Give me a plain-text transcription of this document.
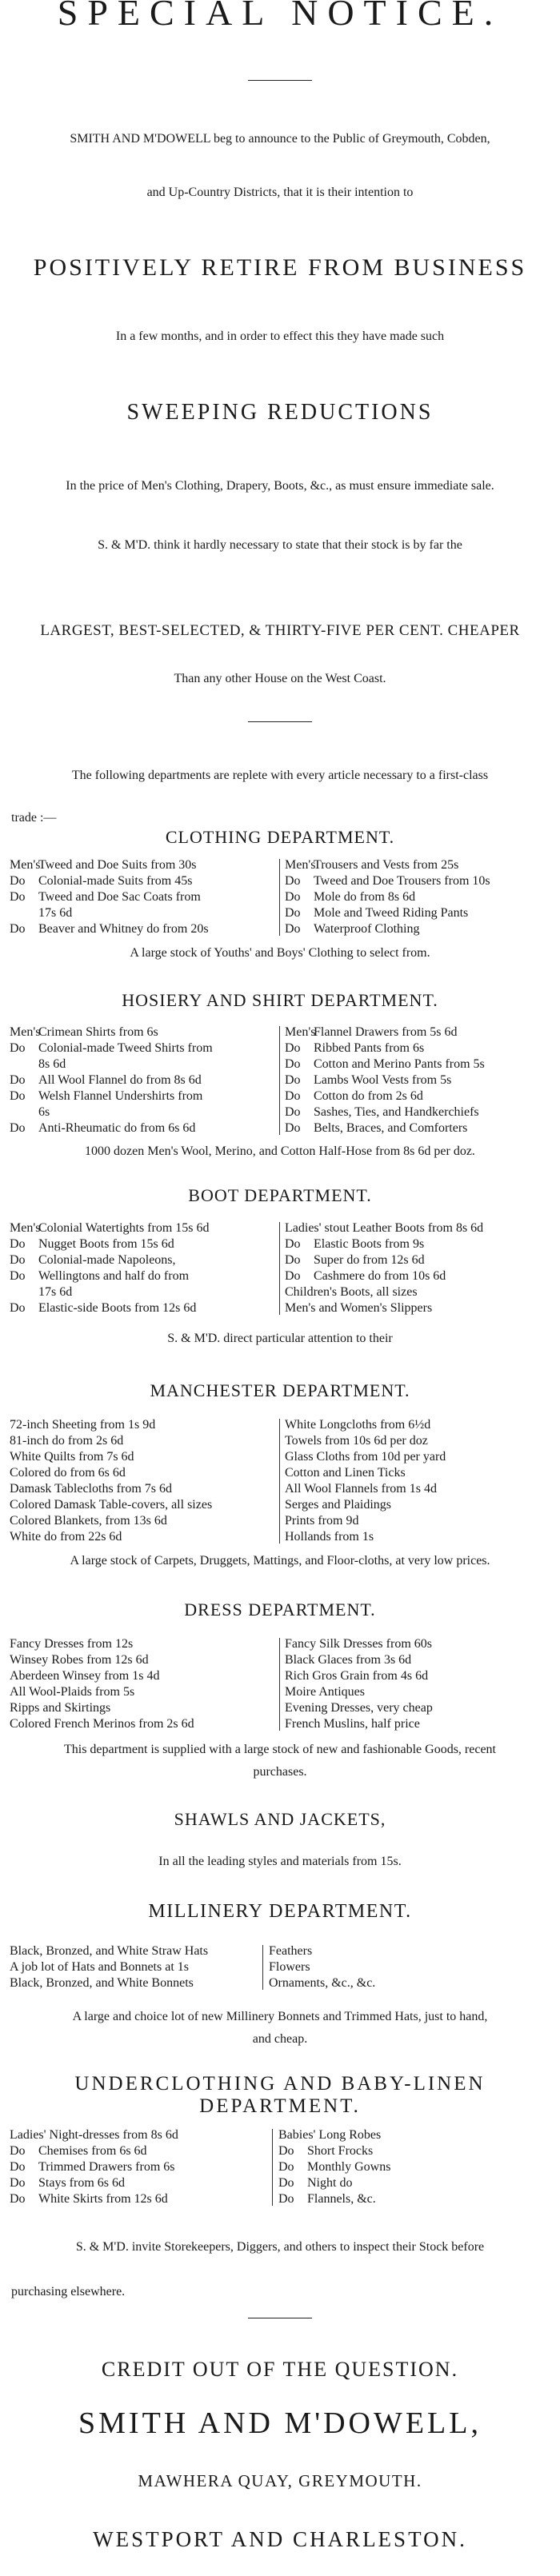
SPECIAL NOTICE.
SMITH AND M'DOWELL beg to announce to the Public of Greymouth, Cobden,
and Up-Country Districts, that it is their intention to
POSITIVELY RETIRE FROM BUSINESS
In a few months, and in order to effect this they have made such
SWEEPING REDUCTIONS
In the price of Men's Clothing, Drapery, Boots, &c., as must ensure immediate sale.
S. & M'D. think it hardly necessary to state that their stock is by far the
LARGEST, BEST-SELECTED, & THIRTY-FIVE PER CENT. CHEAPER
Than any other House on the West Coast.
The following departments are replete with every article necessary to a first-class
trade :—
CLOTHING DEPARTMENT.
Men'sTweed and Doe Suits from 30s
Do Colonial-made Suits from 45s
Do Tweed and Doe Sac Coats from
17s 6d
Do Beaver and Whitney do from 20s
Men'sTrousers and Vests from 25s
Do Tweed and Doe Trousers from 10s
Do Mole do from 8s 6d
Do Mole and Tweed Riding Pants
Do Waterproof Clothing
A large stock of Youths' and Boys' Clothing to select from.
HOSIERY AND SHIRT DEPARTMENT.
Men'sCrimean Shirts from 6s
Do Colonial-made Tweed Shirts from
8s 6d
Do All Wool Flannel do from 8s 6d
Do Welsh Flannel Undershirts from
6s
Do Anti-Rheumatic do from 6s 6d
Men'sFlannel Drawers from 5s 6d
Do Ribbed Pants from 6s
Do Cotton and Merino Pants from 5s
Do Lambs Wool Vests from 5s
Do Cotton do from 2s 6d
Do Sashes, Ties, and Handkerchiefs
Do Belts, Braces, and Comforters
1000 dozen Men's Wool, Merino, and Cotton Half-Hose from 8s 6d per doz.
BOOT DEPARTMENT.
Men'sColonial Watertights from 15s 6d
Do Nugget Boots from 15s 6d
Do Colonial-made Napoleons,
Do Wellingtons and half do from
17s 6d
Do Elastic-side Boots from 12s 6d
Ladies' stout Leather Boots from 8s 6d
Do Elastic Boots from 9s
Do Super do from 12s 6d
Do Cashmere do from 10s 6d
Children's Boots, all sizes
Men's and Women's Slippers
S. & M'D. direct particular attention to their
MANCHESTER DEPARTMENT.
72-inch Sheeting from 1s 9d
81-inch do from 2s 6d
White Quilts from 7s 6d
Colored do from 6s 6d
Damask Tablecloths from 7s 6d
Colored Damask Table-covers, all sizes
Colored Blankets, from 13s 6d
White do from 22s 6d
White Longcloths from 6½d
Towels from 10s 6d per doz
Glass Cloths from 10d per yard
Cotton and Linen Ticks
All Wool Flannels from 1s 4d
Serges and Plaidings
Prints from 9d
Hollands from 1s
A large stock of Carpets, Druggets, Mattings, and Floor-cloths, at very low prices.
DRESS DEPARTMENT.
Fancy Dresses from 12s
Winsey Robes from 12s 6d
Aberdeen Winsey from 1s 4d
All Wool-Plaids from 5s
Ripps and Skirtings
Colored French Merinos from 2s 6d
Fancy Silk Dresses from 60s
Black Glaces from 3s 6d
Rich Gros Grain from 4s 6d
Moire Antiques
Evening Dresses, very cheap
French Muslins, half price
This department is supplied with a large stock of new and fashionable Goods, recent
purchases.
SHAWLS AND JACKETS,
In all the leading styles and materials from 15s.
MILLINERY DEPARTMENT.
Black, Bronzed, and White Straw Hats
A job lot of Hats and Bonnets at 1s
Black, Bronzed, and White Bonnets
Feathers
Flowers
Ornaments, &c., &c.
A large and choice lot of new Millinery Bonnets and Trimmed Hats, just to hand,
and cheap.
UNDERCLOTHING AND BABY-LINEN
DEPARTMENT.
Ladies' Night-dresses from 8s 6d
Do Chemises from 6s 6d
Do Trimmed Drawers from 6s
Do Stays from 6s 6d
Do White Skirts from 12s 6d
Babies' Long Robes
Do Short Frocks
Do Monthly Gowns
Do Night do
Do Flannels, &c.
S. & M'D. invite Storekeepers, Diggers, and others to inspect their Stock before
purchasing elsewhere.
CREDIT OUT OF THE QUESTION.
SMITH AND M'DOWELL,
MAWHERA QUAY, GREYMOUTH.
WESTPORT AND CHARLESTON.
